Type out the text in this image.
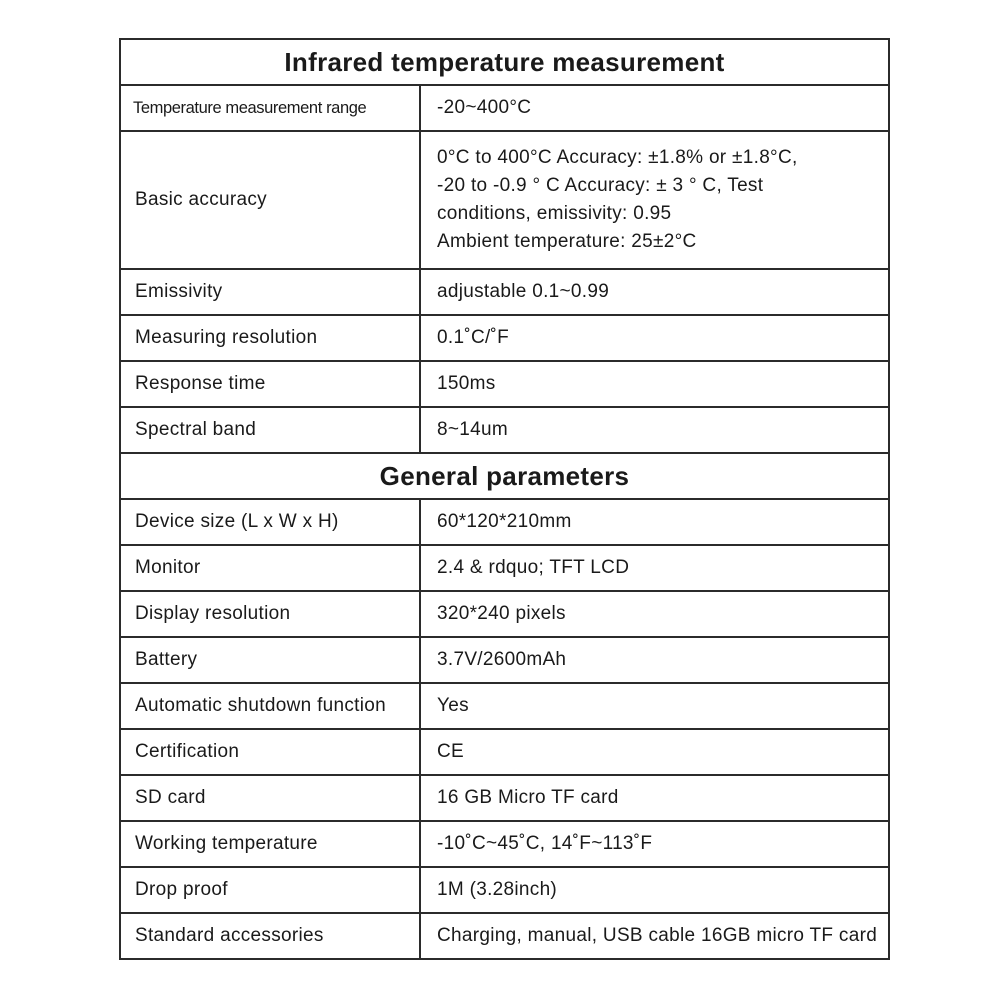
Infrared temperature measurement	
Temperature measurement range	-20~400°C
Basic accuracy	0°C to 400°C Accuracy: ±1.8% or ±1.8°C,
-20 to -0.9 ° C Accuracy: ± 3 ° C, Test
conditions, emissivity: 0.95
Ambient temperature: 25±2°C

Emissivity	adjustable 0.1~0.99
Measuring resolution	0.1˚C/˚F
Response time	150ms
Spectral band	8~14um
General parameters	
Device size (L x W x H)	60*120*210mm
Monitor	2.4 & rdquo; TFT LCD
Display resolution	320*240 pixels
Battery	3.7V/2600mAh
Automatic shutdown function	Yes
Certification	CE
SD card	16 GB Micro TF card
Working temperature	-10˚C~45˚C, 14˚F~113˚F
Drop proof	1M (3.28inch)
Standard accessories	Charging, manual, USB cable 16GB micro TF card
